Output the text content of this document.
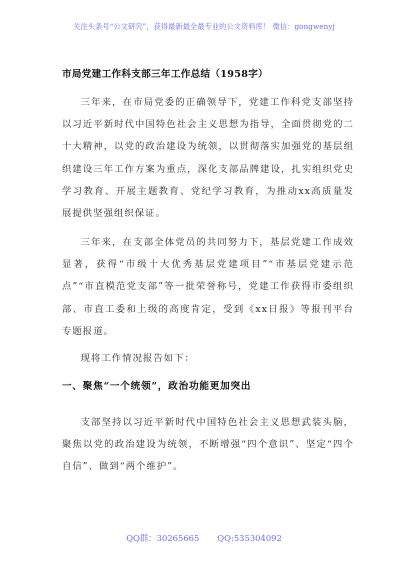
关注头条号“公文研究”，获得最新最全最专业的公文资料库！ 微信：gongwenyj
市局党建工作科支部三年工作总结（1958字）
三年来，在市局党委的正确领导下，党建工作科党支部坚持以习近平新时代中国特色社会主义思想为指导，全面贯彻党的二十大精神，以党的政治建设为统领，以贯彻落实加强党的基层组织建设三年工作方案为重点，深化支部品牌建设，扎实组织党史学习教育、开展主题教育、党纪学习教育，为推动xx高质量发展提供坚强组织保证。
三年来，在支部全体党员的共同努力下，基层党建工作成效显著，获得“市级十大优秀基层党建项目”“市基层党建示范点”“市直模范党支部”等一批荣誉称号，党建工作获得市委组织部、市直工委和上级的高度肯定，受到《xx日报》等报刊平台专题报道。
现将工作情况报告如下：
一、聚焦“一个统领”，政治功能更加突出
支部坚持以习近平新时代中国特色社会主义思想武装头脑，聚焦以党的政治建设为统领，不断增强“四个意识”、坚定“四个自信”、做到“两个维护”。
QQ群：30265665 QQ:535304092
